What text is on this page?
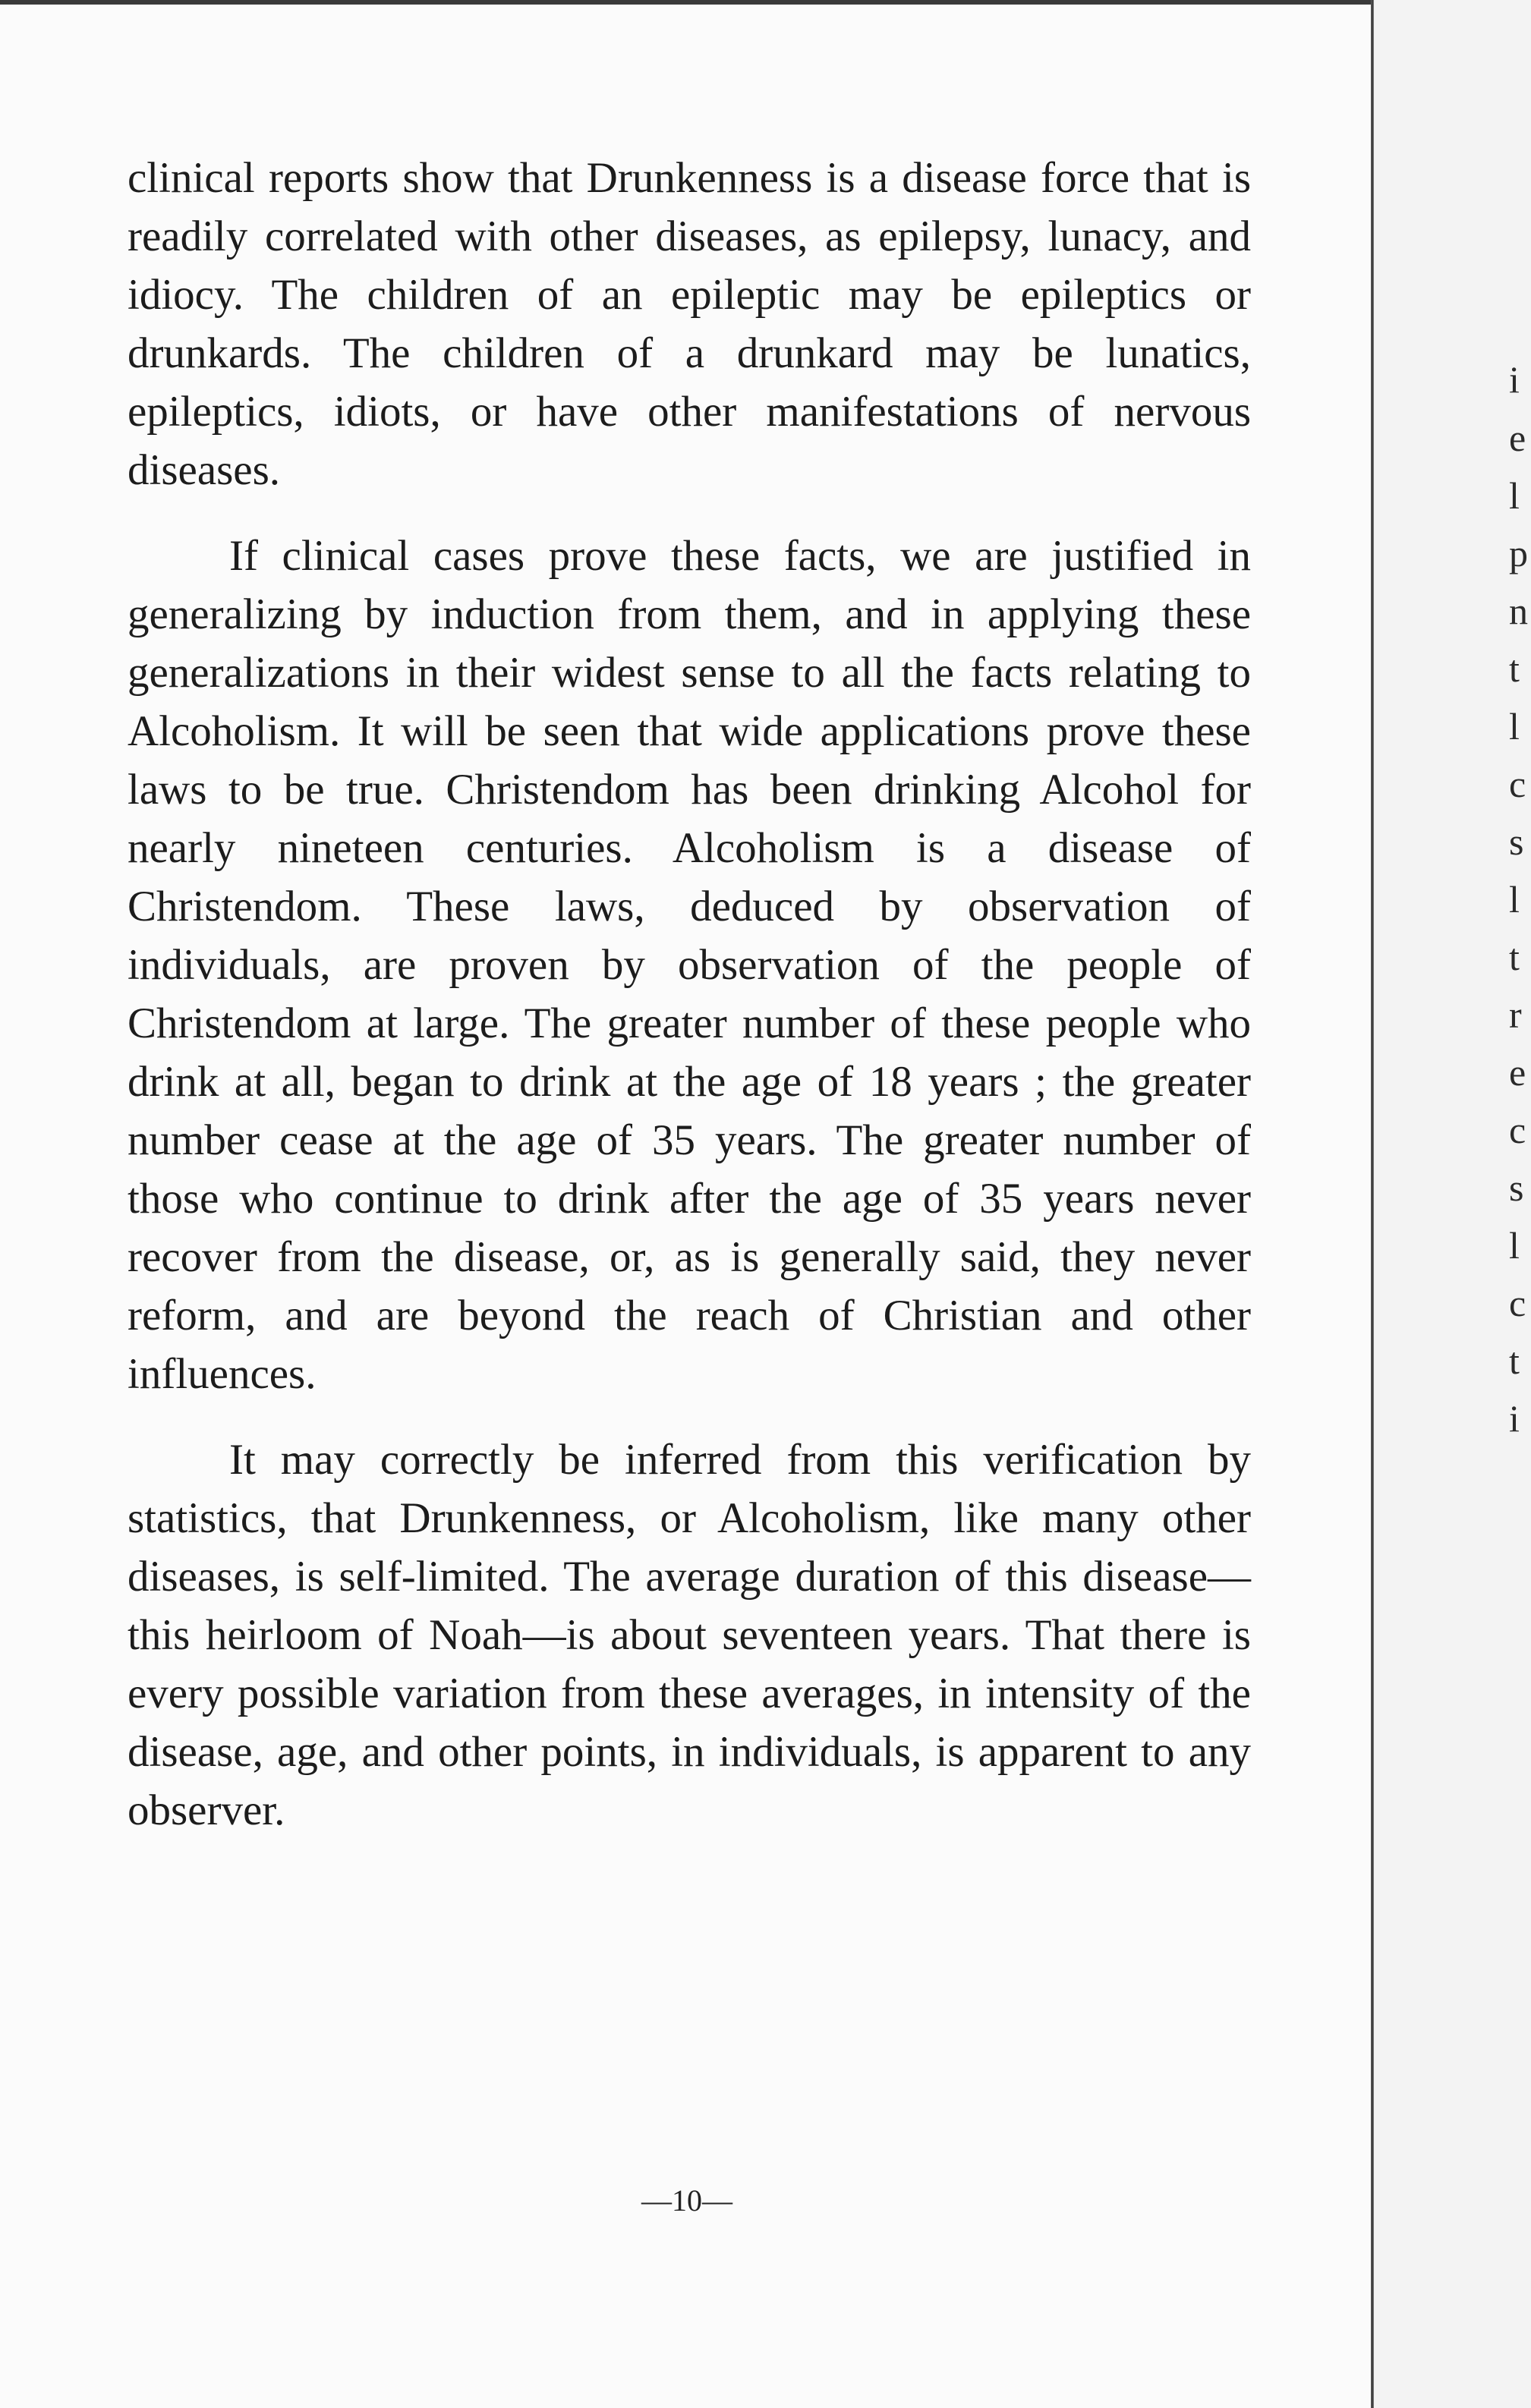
clinical reports show that Drunkenness is a disease force that is readily correlated with other diseases, as epilepsy, lunacy, and idiocy. The children of an epileptic may be epileptics or drunkards. The children of a drunkard may be lunatics, epileptics, idiots, or have other manifestations of nervous diseases.

If clinical cases prove these facts, we are justified in generalizing by induction from them, and in applying these generalizations in their widest sense to all the facts relating to Alcoholism. It will be seen that wide applications prove these laws to be true. Christendom has been drinking Alcohol for nearly nineteen centuries. Alcoholism is a disease of Christendom. These laws, deduced by observation of individuals, are proven by observation of the people of Christendom at large. The greater number of these people who drink at all, began to drink at the age of 18 years ; the greater number cease at the age of 35 years. The greater number of those who continue to drink after the age of 35 years never recover from the disease, or, as is generally said, they never reform, and are beyond the reach of Christian and other influences.

It may correctly be inferred from this verification by statistics, that Drunkenness, or Alcoholism, like many other diseases, is self-limited. The average duration of this disease—this heirloom of Noah—is about seventeen years. That there is every possible variation from these averages, in intensity of the disease, age, and other points, in individuals, is apparent to any observer.

—10—
i
e
l
p
n
t
l
c
s
l
t
r
e
c
s
l
c
t
i
